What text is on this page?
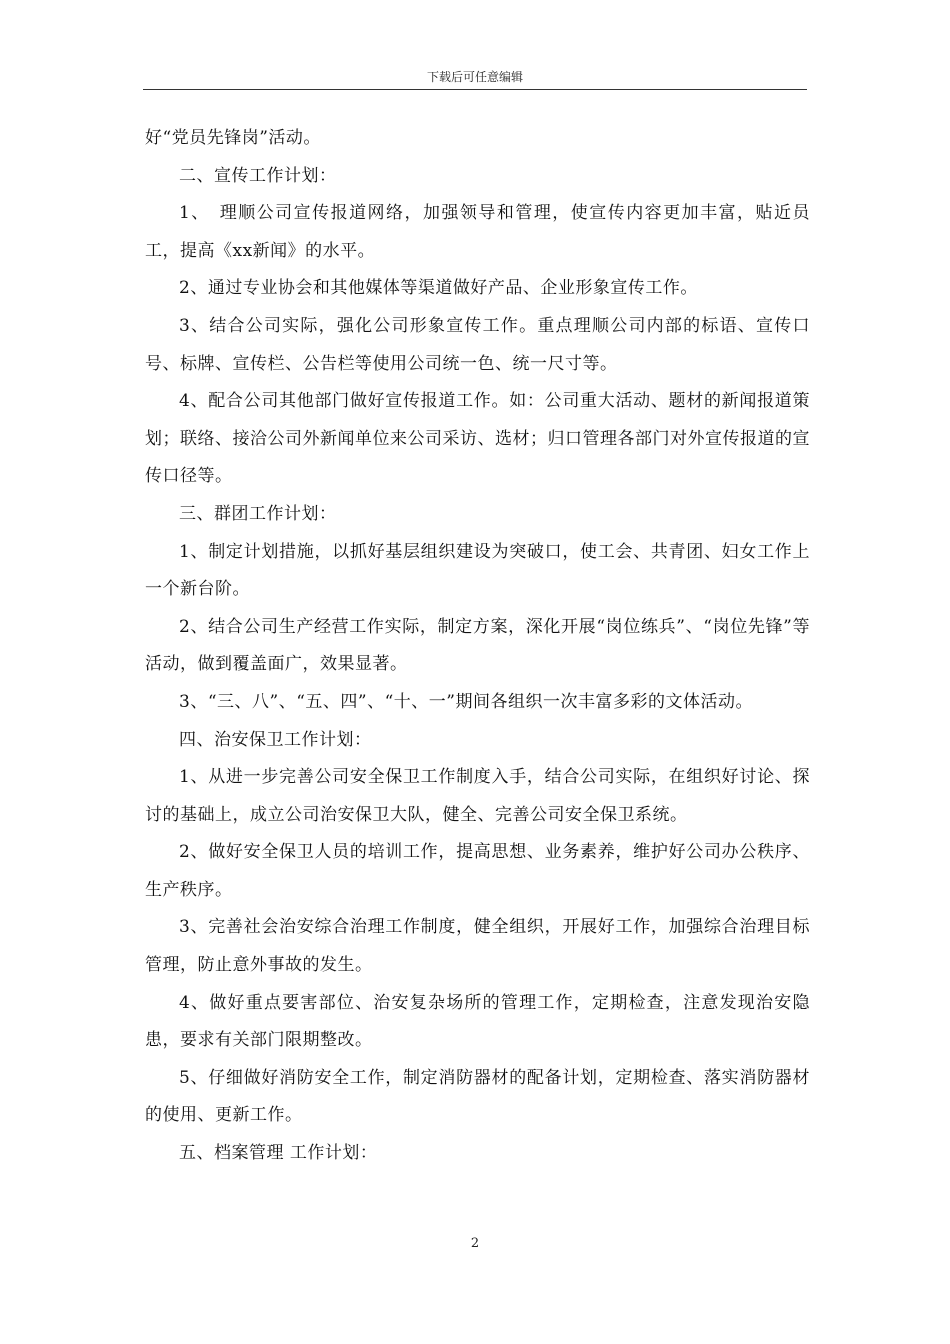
下载后可任意编辑

好“党员先锋岗”活动。

二、宣传工作计划：

1、　理顺公司宣传报道网络，加强领导和管理，使宣传内容更加丰富，贴近员工，提高《xx新闻》的水平。

2、通过专业协会和其他媒体等渠道做好产品、企业形象宣传工作。

3、结合公司实际，强化公司形象宣传工作。重点理顺公司内部的标语、宣传口号、标牌、宣传栏、公告栏等使用公司统一色、统一尺寸等。

4、配合公司其他部门做好宣传报道工作。如：公司重大活动、题材的新闻报道策划；联络、接洽公司外新闻单位来公司采访、选材；归口管理各部门对外宣传报道的宣传口径等。

三、群团工作计划：

1、制定计划措施，以抓好基层组织建设为突破口，使工会、共青团、妇女工作上一个新台阶。

2、结合公司生产经营工作实际，制定方案，深化开展“岗位练兵”、“岗位先锋”等活动，做到覆盖面广，效果显著。

3、“三、八”、“五、四”、“十、一”期间各组织一次丰富多彩的文体活动。

四、治安保卫工作计划：

1、从进一步完善公司安全保卫工作制度入手，结合公司实际，在组织好讨论、探讨的基础上，成立公司治安保卫大队，健全、完善公司安全保卫系统。

2、做好安全保卫人员的培训工作，提高思想、业务素养，维护好公司办公秩序、生产秩序。

3、完善社会治安综合治理工作制度，健全组织，开展好工作，加强综合治理目标管理，防止意外事故的发生。

4、做好重点要害部位、治安复杂场所的管理工作，定期检查，注意发现治安隐患，要求有关部门限期整改。

5、仔细做好消防安全工作，制定消防器材的配备计划，定期检查、落实消防器材的使用、更新工作。

五、档案管理 工作计划：

2
